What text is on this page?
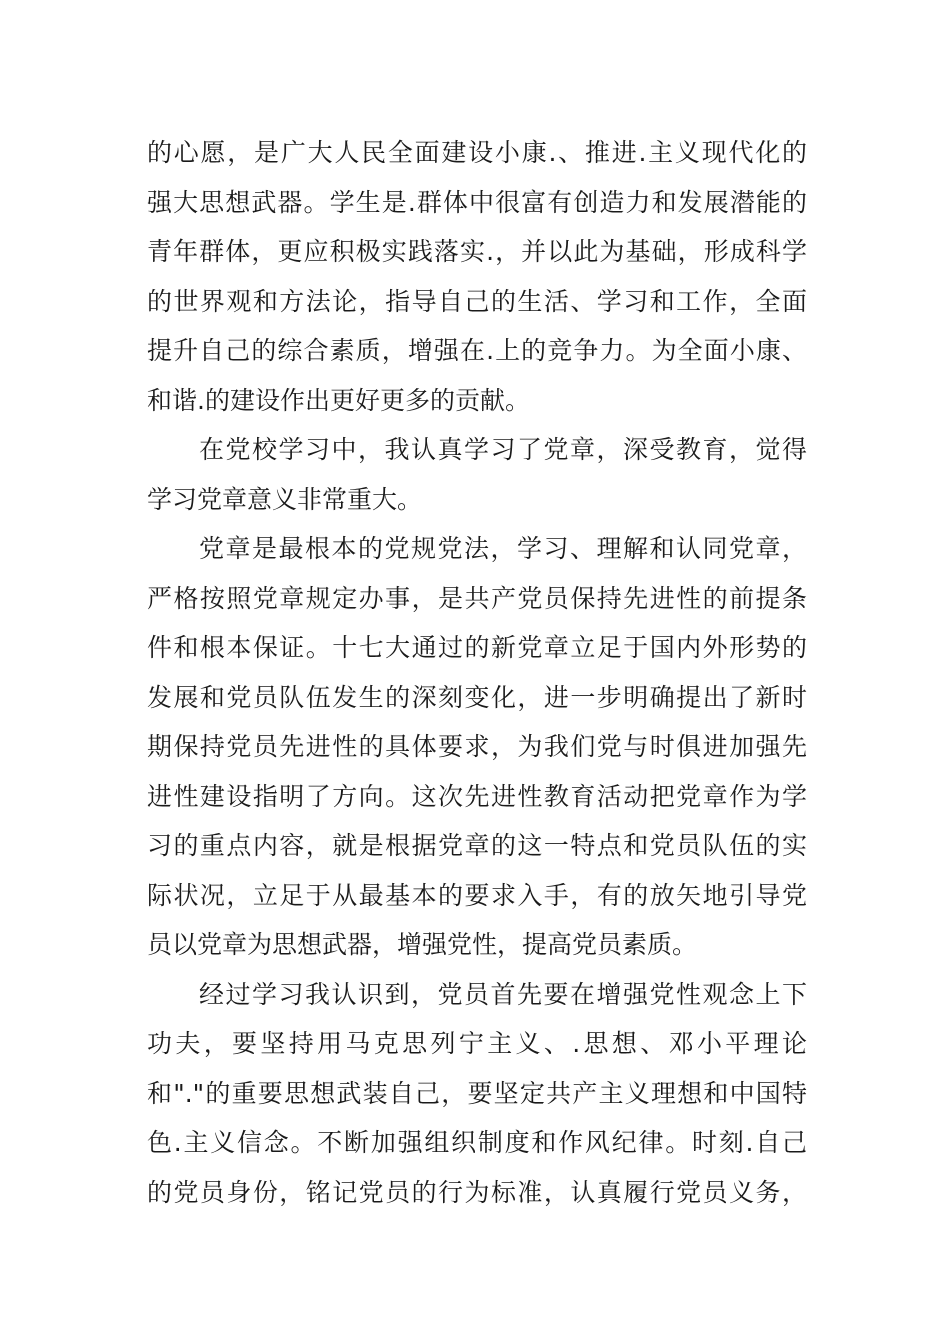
的心愿，是广大人民全面建设小康.、推进.主义现代化的
强大思想武器。学生是.群体中很富有创造力和发展潜能的
青年群体，更应积极实践落实.，并以此为基础，形成科学
的世界观和方法论，指导自己的生活、学习和工作，全面
提升自己的综合素质，增强在.上的竞争力。为全面小康、
和谐.的建设作出更好更多的贡献。
在党校学习中，我认真学习了党章，深受教育，觉得
学习党章意义非常重大。
党章是最根本的党规党法，学习、理解和认同党章，
严格按照党章规定办事，是共产党员保持先进性的前提条
件和根本保证。十七大通过的新党章立足于国内外形势的
发展和党员队伍发生的深刻变化，进一步明确提出了新时
期保持党员先进性的具体要求，为我们党与时俱进加强先
进性建设指明了方向。这次先进性教育活动把党章作为学
习的重点内容，就是根据党章的这一特点和党员队伍的实
际状况，立足于从最基本的要求入手，有的放矢地引导党
员以党章为思想武器，增强党性，提高党员素质。
经过学习我认识到，党员首先要在增强党性观念上下
功夫，要坚持用马克思列宁主义、.思想、邓小平理论
和"."的重要思想武装自己，要坚定共产主义理想和中国特
色.主义信念。不断加强组织制度和作风纪律。时刻.自己
的党员身份，铭记党员的行为标准，认真履行党员义务，
